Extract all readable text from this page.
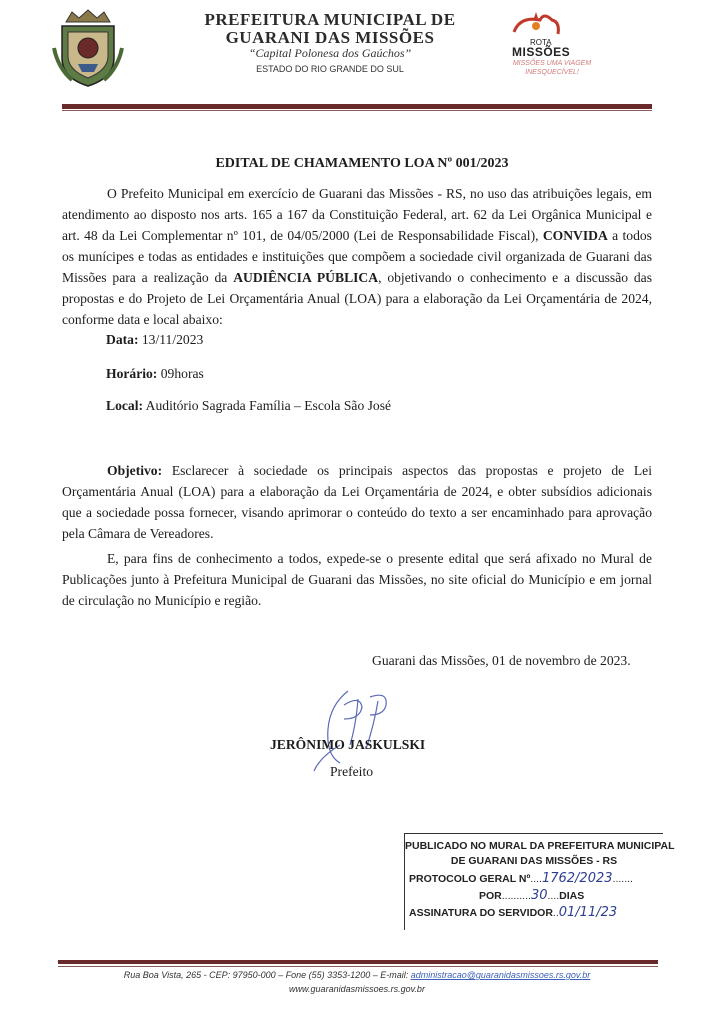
PREFEITURA MUNICIPAL DE
GUARANI DAS MISSÕES
“Capital Polonesa dos Gaúchos”
ESTADO DO RIO GRANDE DO SUL
ROTA
MISSÕES
MISSÕES UMA VIAGEM
INESQUECÍVEL!
EDITAL DE CHAMAMENTO LOA Nº 001/2023
O Prefeito Municipal em exercício de Guarani das Missões - RS, no uso das atribuições legais, em atendimento ao disposto nos arts. 165 a 167 da Constituição Federal, art. 62 da Lei Orgânica Municipal e art. 48 da Lei Complementar nº 101, de 04/05/2000 (Lei de Responsabilidade Fiscal), CONVIDA a todos os munícipes e todas as entidades e instituições que compõem a sociedade civil organizada de Guarani das Missões para a realização da AUDIÊNCIA PÚBLICA, objetivando o conhecimento e a discussão das propostas e do Projeto de Lei Orçamentária Anual (LOA) para a elaboração da Lei Orçamentária de 2024, conforme data e local abaixo:
Data: 13/11/2023
Horário: 09horas
Local: Auditório Sagrada Família – Escola São José
Objetivo: Esclarecer à sociedade os principais aspectos das propostas e projeto de Lei Orçamentária Anual (LOA) para a elaboração da Lei Orçamentária de 2024, e obter subsídios adicionais que a sociedade possa fornecer, visando aprimorar o conteúdo do texto a ser encaminhado para aprovação pela Câmara de Vereadores.
E, para fins de conhecimento a todos, expede-se o presente edital que será afixado no Mural de Publicações junto à Prefeitura Municipal de Guarani das Missões, no site oficial do Município e em jornal de circulação no Município e região.
Guarani das Missões, 01 de novembro de 2023.
JERÔNIMO JASKULSKI
Prefeito
PUBLICADO NO MURAL DA PREFEITURA MUNICIPAL
DE GUARANI DAS MISSÕES - RS
PROTOCOLO GERAL Nº....1762/2023.......
POR..........30....DIAS
ASSINATURA DO SERVIDOR..01/11/23
Rua Boa Vista, 265 - CEP: 97950-000 – Fone (55) 3353-1200 – E-mail: administracao@guaranidasmissoes.rs.gov.br
www.guaranidasmissoes.rs.gov.br
